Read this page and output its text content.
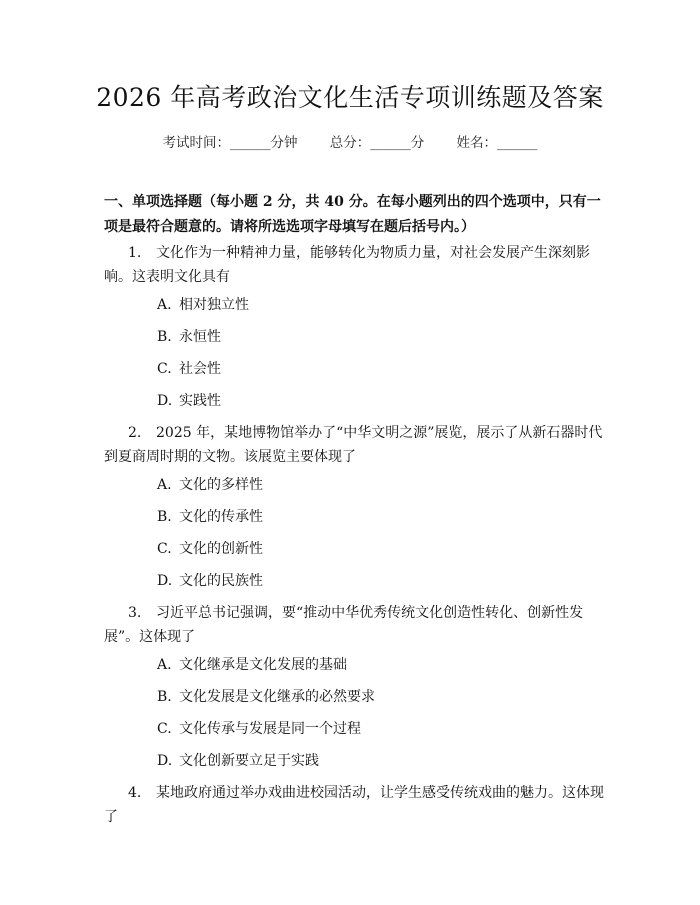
2026 年高考政治文化生活专项训练题及答案
考试时间：______分钟 总分：______分 姓名：______
一、单项选择题（每小题 2 分，共 40 分。在每小题列出的四个选项中，只有一项是最符合题意的。请将所选选项字母填写在题后括号内。）
1. 文化作为一种精神力量，能够转化为物质力量，对社会发展产生深刻影响。这表明文化具有
A. 相对独立性
B. 永恒性
C. 社会性
D. 实践性
2. 2025 年，某地博物馆举办了“中华文明之源”展览，展示了从新石器时代到夏商周时期的文物。该展览主要体现了
A. 文化的多样性
B. 文化的传承性
C. 文化的创新性
D. 文化的民族性
3. 习近平总书记强调，要“推动中华优秀传统文化创造性转化、创新性发展”。这体现了
A. 文化继承是文化发展的基础
B. 文化发展是文化继承的必然要求
C. 文化传承与发展是同一个过程
D. 文化创新要立足于实践
4. 某地政府通过举办戏曲进校园活动，让学生感受传统戏曲的魅力。这体现了
